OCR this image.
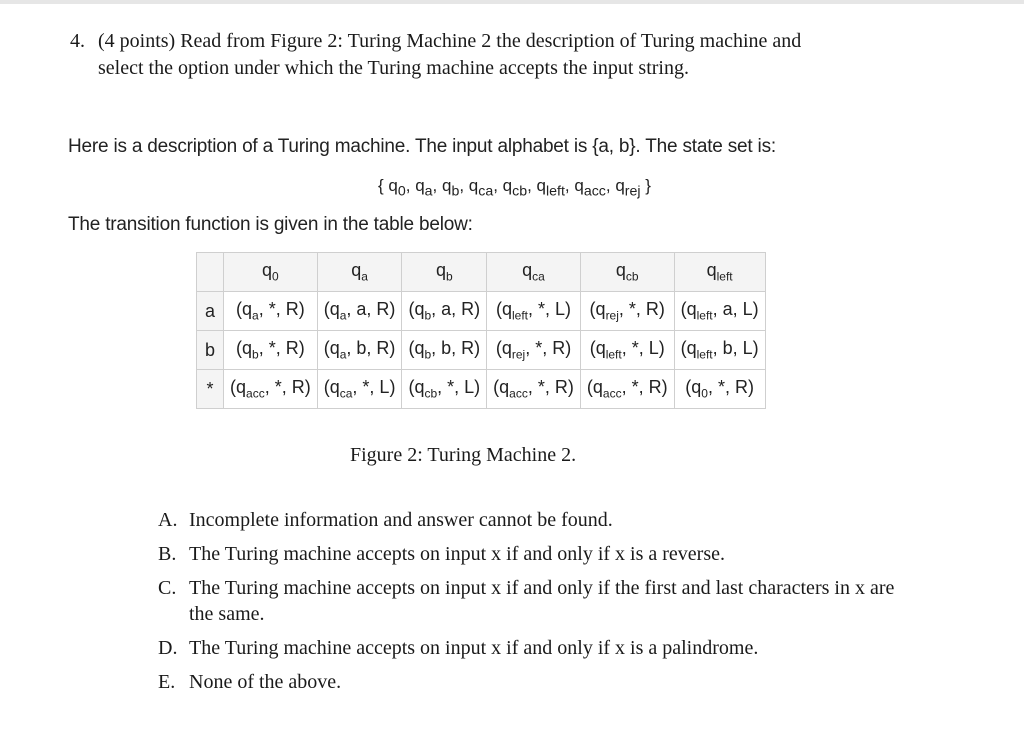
4. (4 points) Read from Figure 2: Turing Machine 2 the description of Turing machine and
select the option under which the Turing machine accepts the input string.
Here is a description of a Turing machine. The input alphabet is {a, b}. The state set is:
{ $q_0$, $q_a$, $q_b$, $q_{ca}$, $q_{cb}$, $q_{left}$, $q_{acc}$, $q_{rej}$ }
The transition function is given in the table below:
	$q_0$	$q_a$	$q_b$	$q_{ca}$	$q_{cb}$	$q_{left}$
a	($q_a$, *, R)	($q_a$, a, R)	($q_b$, a, R)	($q_{left}$, *, L)	($q_{rej}$, *, R)	($q_{left}$, a, L)
b	($q_b$, *, R)	($q_a$, b, R)	($q_b$, b, R)	($q_{rej}$, *, R)	($q_{left}$, *, L)	($q_{left}$, b, L)
*	($q_{acc}$, *, R)	($q_{ca}$, *, L)	($q_{cb}$, *, L)	($q_{acc}$, *, R)	($q_{acc}$, *, R)	($q_0$, *, R)
Figure 2: Turing Machine 2.
A. Incomplete information and answer cannot be found.
B. The Turing machine accepts on input x if and only if x is a reverse.
C. The Turing machine accepts on input x if and only if the first and last characters in x are the same.
D. The Turing machine accepts on input x if and only if x is a palindrome.
E. None of the above.
